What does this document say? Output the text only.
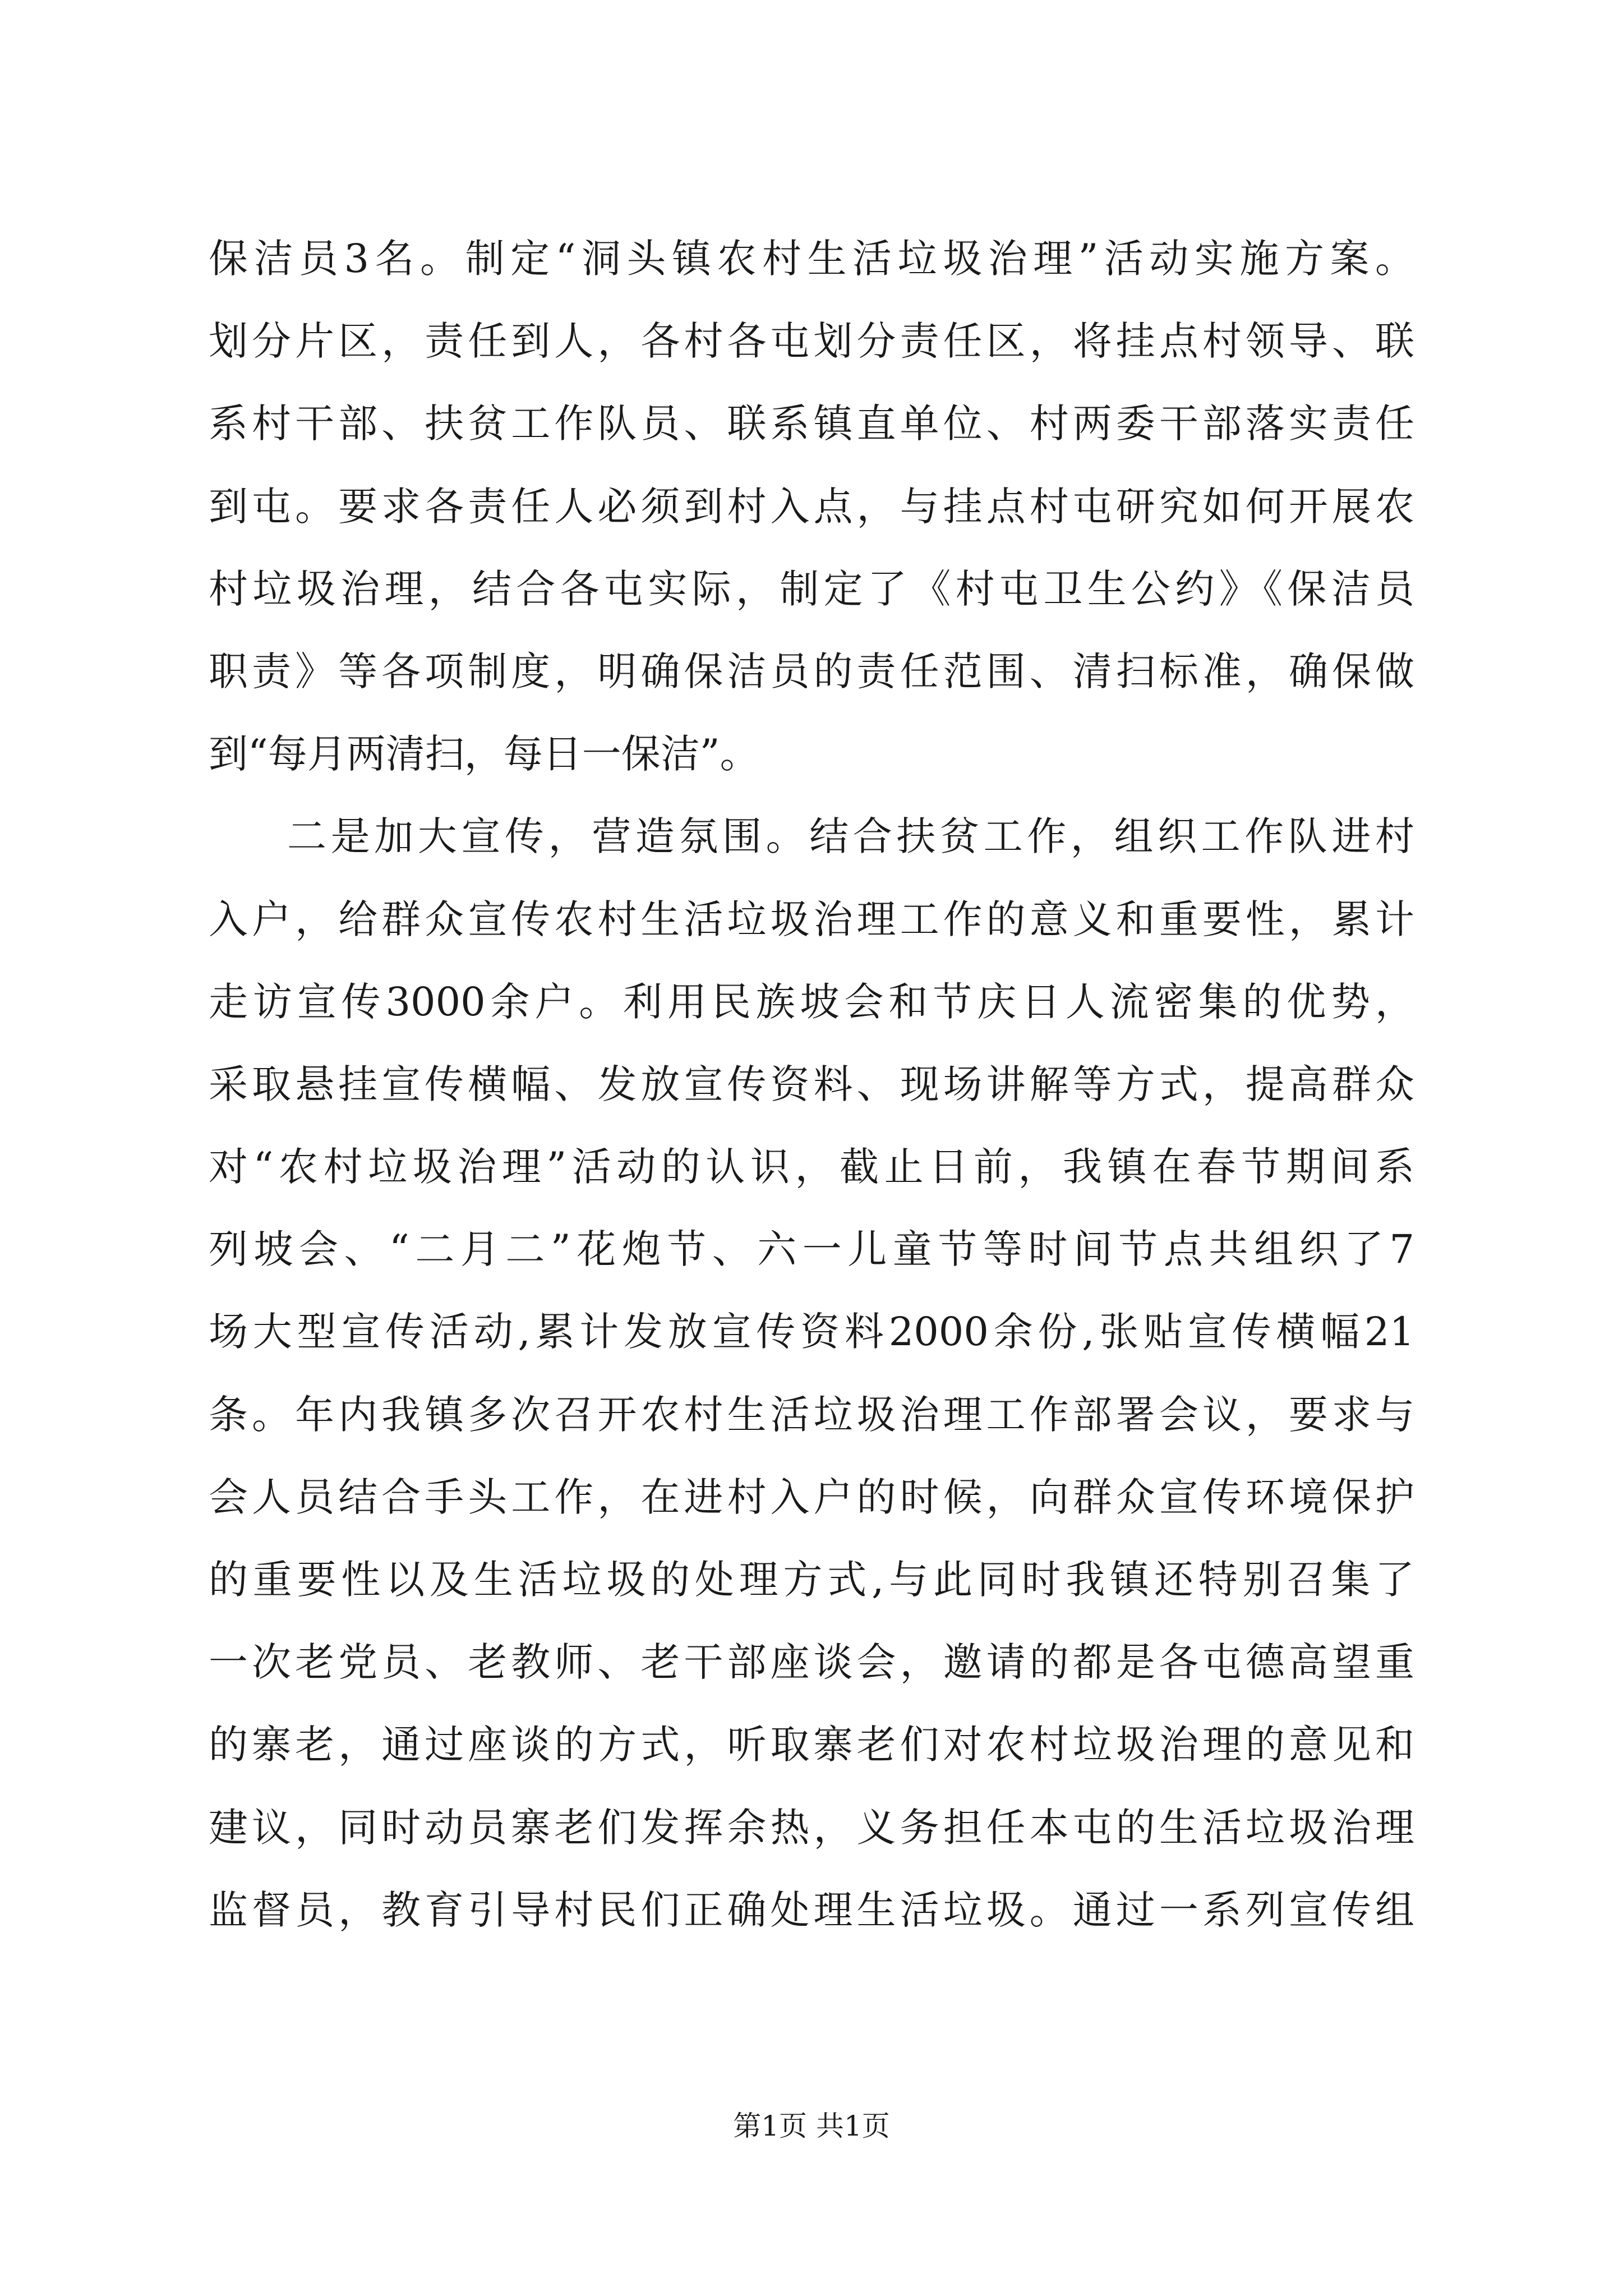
保洁员3名。制定“洞头镇农村生活垃圾治理”活动实施方案。
划分片区，责任到人，各村各屯划分责任区，将挂点村领导、联
系村干部、扶贫工作队员、联系镇直单位、村两委干部落实责任
到屯。要求各责任人必须到村入点，与挂点村屯研究如何开展农
村垃圾治理，结合各屯实际，制定了《村屯卫生公约》《保洁员
职责》等各项制度，明确保洁员的责任范围、清扫标准，确保做
到“每月两清扫，每日一保洁”。
二是加大宣传，营造氛围。结合扶贫工作，组织工作队进村
入户，给群众宣传农村生活垃圾治理工作的意义和重要性，累计
走访宣传3000余户。利用民族坡会和节庆日人流密集的优势，
采取悬挂宣传横幅、发放宣传资料、现场讲解等方式，提高群众
对“农村垃圾治理”活动的认识，截止日前，我镇在春节期间系
列坡会、“二月二”花炮节、六一儿童节等时间节点共组织了7
场大型宣传活动,累计发放宣传资料2000余份,张贴宣传横幅21
条。年内我镇多次召开农村生活垃圾治理工作部署会议，要求与
会人员结合手头工作，在进村入户的时候，向群众宣传环境保护
的重要性以及生活垃圾的处理方式,与此同时我镇还特别召集了
一次老党员、老教师、老干部座谈会，邀请的都是各屯德高望重
的寨老，通过座谈的方式，听取寨老们对农村垃圾治理的意见和
建议，同时动员寨老们发挥余热，义务担任本屯的生活垃圾治理
监督员，教育引导村民们正确处理生活垃圾。通过一系列宣传组
第1页 共1页
